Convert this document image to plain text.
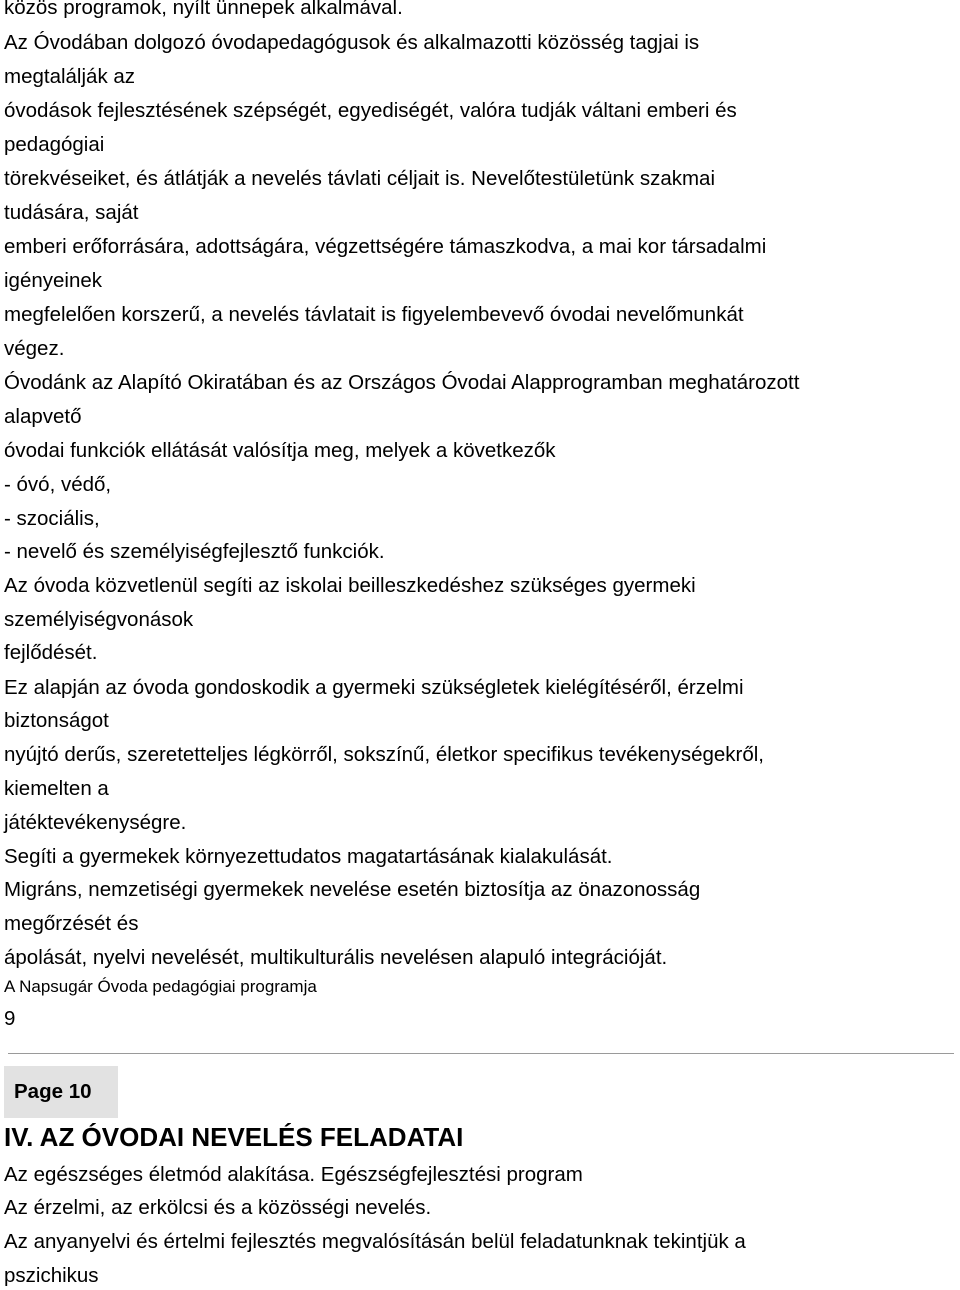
közös programok, nyílt ünnepek alkalmával.
Az Óvodában dolgozó óvodapedagógusok és alkalmazotti közösség tagjai is
megtalálják az
óvodások fejlesztésének szépségét, egyediségét, valóra tudják váltani emberi és
pedagógiai
törekvéseiket, és átlátják a nevelés távlati céljait is. Nevelőtestületünk szakmai
tudására, saját
emberi erőforrására, adottságára, végzettségére támaszkodva, a mai kor társadalmi
igényeinek
megfelelően korszerű, a nevelés távlatait is figyelembevevő óvodai nevelőmunkát
végez.
Óvodánk az Alapító Okiratában és az Országos Óvodai Alapprogramban meghatározott
alapvető
óvodai funkciók ellátását valósítja meg, melyek a következők
- óvó, védő,
- szociális,
- nevelő és személyiségfejlesztő funkciók.
Az óvoda közvetlenül segíti az iskolai beilleszkedéshez szükséges gyermeki
személyiségvonások
fejlődését.
Ez alapján az óvoda gondoskodik a gyermeki szükségletek kielégítéséről, érzelmi
biztonságot
nyújtó derűs, szeretetteljes légkörről, sokszínű, életkor specifikus tevékenységekről,
kiemelten a
játéktevékenységre.
Segíti a gyermekek környezettudatos magatartásának kialakulását.
Migráns, nemzetiségi gyermekek nevelése esetén biztosítja az önazonosság
megőrzését és
ápolását, nyelvi nevelését, multikulturális nevelésen alapuló integrációját.
A Napsugár Óvoda pedagógiai programja
9
Page 10
IV. AZ ÓVODAI NEVELÉS FELADATAI
Az egészséges életmód alakítása. Egészségfejlesztési program
Az érzelmi, az erkölcsi és a közösségi nevelés.
Az anyanyelvi és értelmi fejlesztés megvalósításán belül feladatunknak tekintjük a
pszichikus
